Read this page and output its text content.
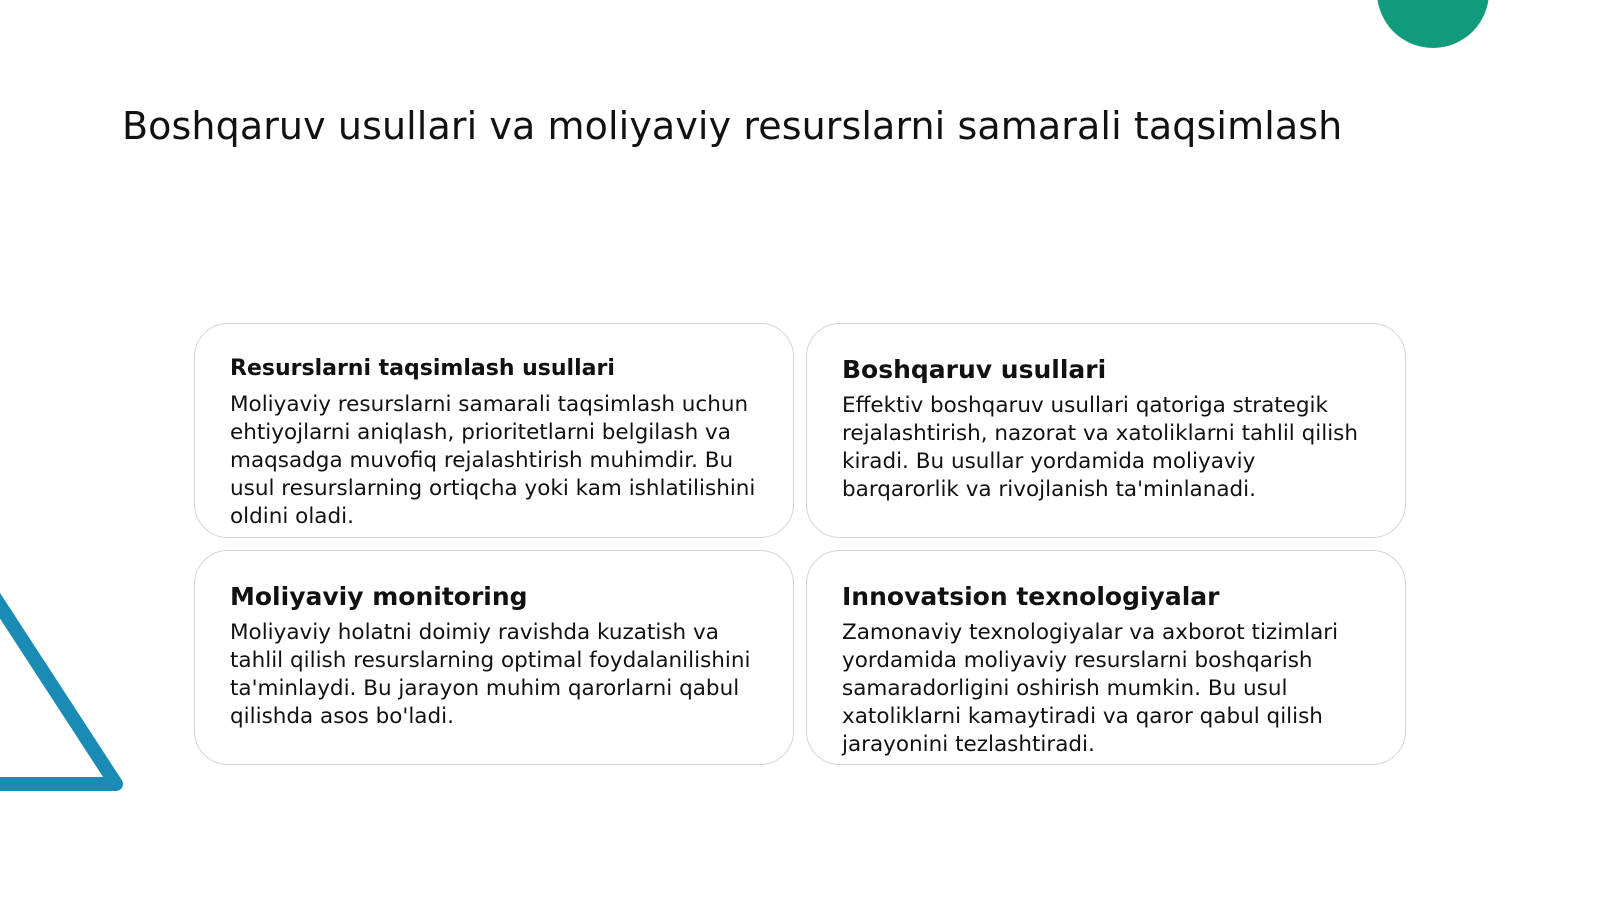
Boshqaruv usullari va moliyaviy resurslarni samarali taqsimlash
Resurslarni taqsimlash usullari

Moliyaviy resurslarni samarali taqsimlash uchun ehtiyojlarni aniqlash, prioritetlarni belgilash va maqsadga muvofiq rejalashtirish muhimdir. Bu usul resurslarning ortiqcha yoki kam ishlatilishini oldini oladi.

Boshqaruv usullari

Effektiv boshqaruv usullari qatoriga strategik rejalashtirish, nazorat va xatoliklarni tahlil qilish kiradi. Bu usullar yordamida moliyaviy barqarorlik va rivojlanish ta'minlanadi.

Moliyaviy monitoring

Moliyaviy holatni doimiy ravishda kuzatish va tahlil qilish resurslarning optimal foydalanilishini ta'minlaydi. Bu jarayon muhim qarorlarni qabul qilishda asos bo'ladi.

Innovatsion texnologiyalar

Zamonaviy texnologiyalar va axborot tizimlari yordamida moliyaviy resurslarni boshqarish samaradorligini oshirish mumkin. Bu usul xatoliklarni kamaytiradi va qaror qabul qilish jarayonini tezlashtiradi.
